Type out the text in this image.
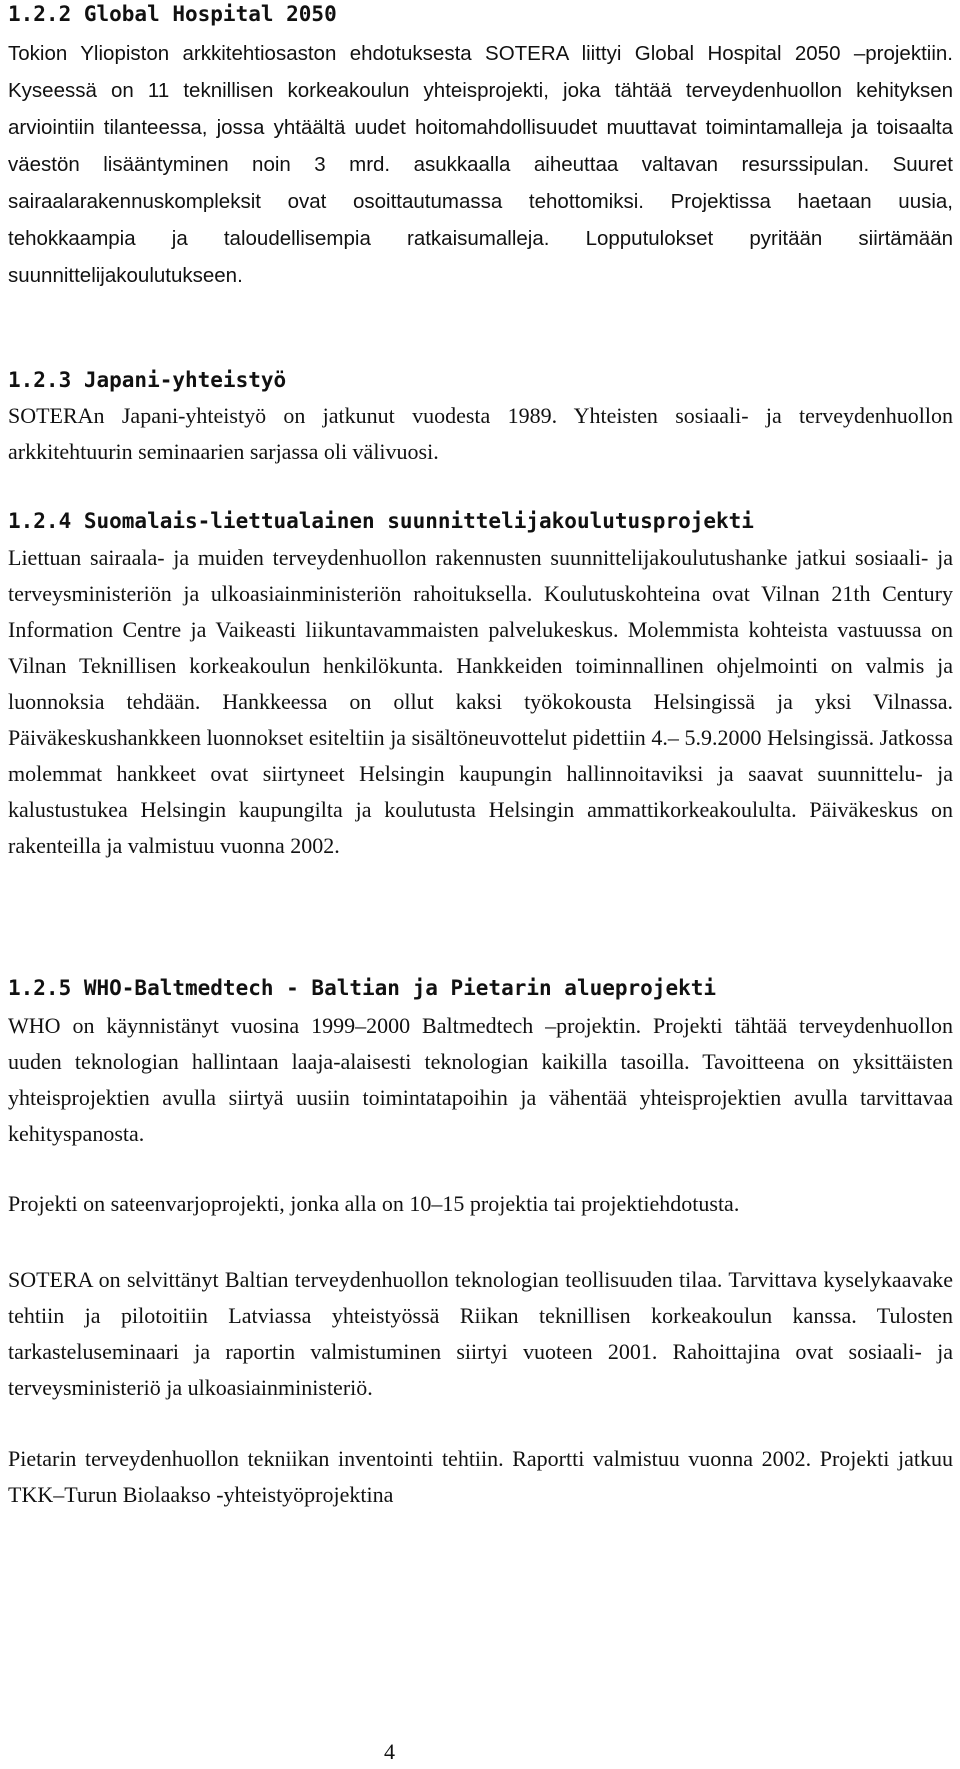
1.2.2 Global Hospital 2050

Tokion Yliopiston arkkitehtiosaston ehdotuksesta SOTERA liittyi Global Hospital 2050 –projektiin. Kyseessä on 11 teknillisen korkeakoulun yhteisprojekti, joka tähtää terveydenhuollon kehityksen arviointiin tilanteessa, jossa yhtäältä uudet hoitomahdollisuudet muuttavat toimintamalleja ja toisaalta väestön lisääntyminen noin 3 mrd. asukkaalla aiheuttaa valtavan resurssipulan. Suuret sairaalarakennuskompleksit ovat osoittautumassa tehottomiksi. Projektissa haetaan uusia, tehokkaampia ja taloudellisempia ratkaisumalleja. Lopputulokset pyritään siirtämään suunnittelijakoulutukseen.

1.2.3 Japani-yhteistyö

SOTERAn Japani-yhteistyö on jatkunut vuodesta 1989. Yhteisten sosiaali- ja terveydenhuollon arkkitehtuurin seminaarien sarjassa oli välivuosi.

1.2.4 Suomalais-liettualainen suunnittelijakoulutusprojekti

Liettuan sairaala- ja muiden terveydenhuollon rakennusten suunnittelijakoulutushanke jatkui sosiaali- ja terveysministeriön ja ulkoasiainministeriön rahoituksella. Koulutuskohteina ovat Vilnan 21th Century Information Centre ja Vaikeasti liikuntavammaisten palvelukeskus. Molemmista kohteista vastuussa on Vilnan Teknillisen korkeakoulun henkilökunta. Hankkeiden toiminnallinen ohjelmointi on valmis ja luonnoksia tehdään. Hankkeessa on ollut kaksi työkokousta Helsingissä ja yksi Vilnassa. Päiväkeskushankkeen luonnokset esiteltiin ja sisältöneuvottelut pidettiin 4.– 5.9.2000 Helsingissä. Jatkossa molemmat hankkeet ovat siirtyneet Helsingin kaupungin hallinnoitaviksi ja saavat suunnittelu- ja kalustustukea Helsingin kaupungilta ja koulutusta Helsingin ammattikorkeakoululta. Päiväkeskus on rakenteilla ja valmistuu vuonna 2002.

1.2.5 WHO-Baltmedtech - Baltian ja Pietarin alueprojekti

WHO on käynnistänyt vuosina 1999–2000 Baltmedtech –projektin. Projekti tähtää terveydenhuollon uuden teknologian hallintaan laaja-alaisesti teknologian kaikilla tasoilla. Tavoitteena on yksittäisten yhteisprojektien avulla siirtyä uusiin toimintatapoihin ja vähentää yhteisprojektien avulla tarvittavaa kehityspanosta.

Projekti on sateenvarjoprojekti, jonka alla on 10–15 projektia tai projektiehdotusta.

SOTERA on selvittänyt Baltian terveydenhuollon teknologian teollisuuden tilaa. Tarvittava kyselykaavake tehtiin ja pilotoitiin Latviassa yhteistyössä Riikan teknillisen korkeakoulun kanssa. Tulosten tarkasteluseminaari ja raportin valmistuminen siirtyi vuoteen 2001. Rahoittajina ovat sosiaali- ja terveysministeriö ja ulkoasiainministeriö.

Pietarin terveydenhuollon tekniikan inventointi tehtiin. Raportti valmistuu vuonna 2002. Projekti jatkuu TKK–Turun Biolaakso -yhteistyöprojektina

4
